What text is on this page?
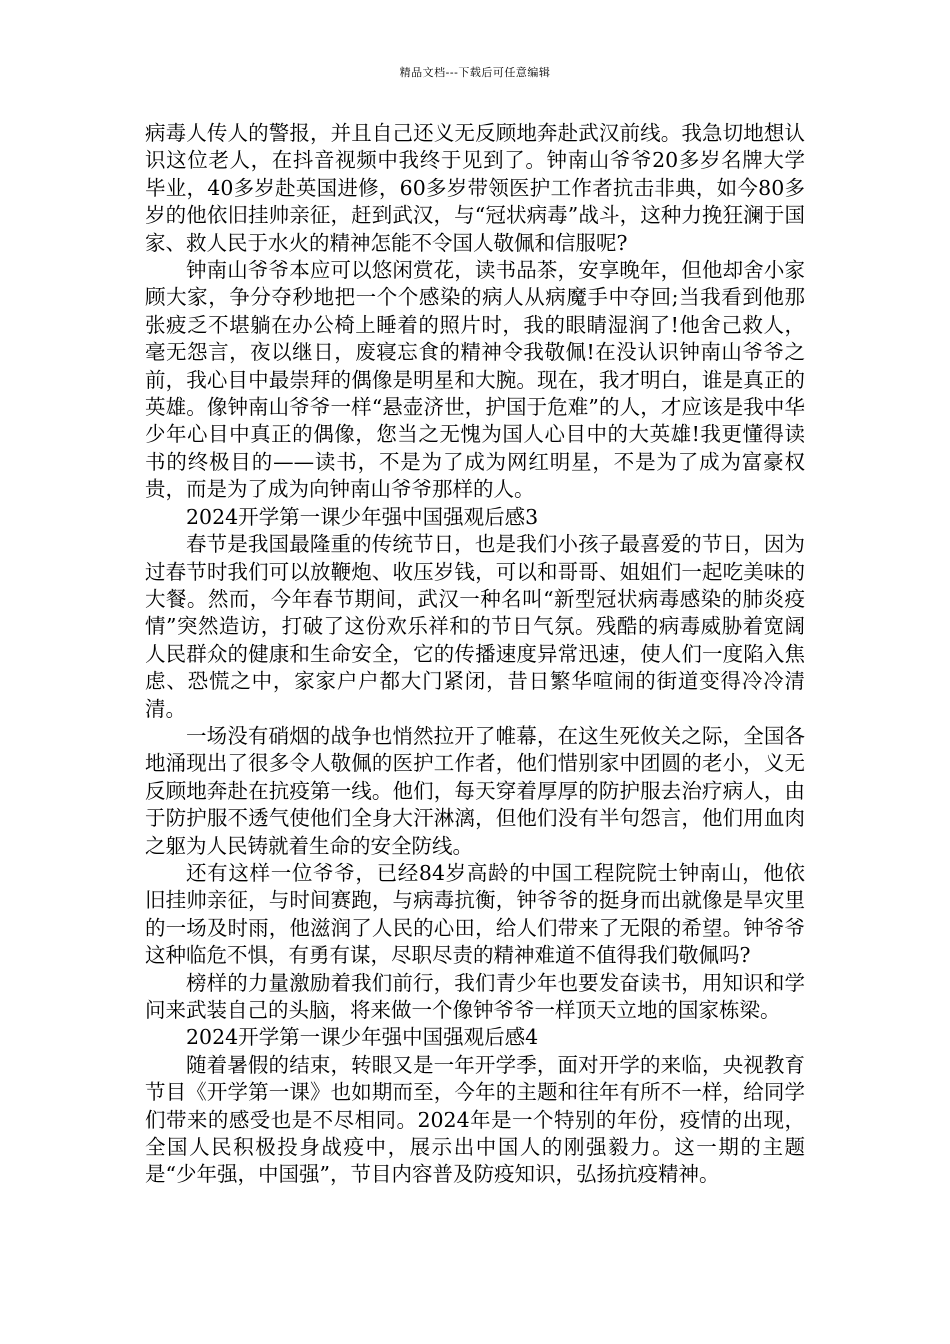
精品文档---下载后可任意编辑

病毒人传人的警报，并且自己还义无反顾地奔赴武汉前线。我急切地想认识这位老人，在抖音视频中我终于见到了。钟南山爷爷20多岁名牌大学毕业，40多岁赴英国进修，60多岁带领医护工作者抗击非典，如今80多岁的他依旧挂帅亲征，赶到武汉，与“冠状病毒”战斗，这种力挽狂澜于国家、救人民于水火的精神怎能不令国人敬佩和信服呢?

钟南山爷爷本应可以悠闲赏花，读书品茶，安享晚年，但他却舍小家顾大家，争分夺秒地把一个个感染的病人从病魔手中夺回;当我看到他那张疲乏不堪躺在办公椅上睡着的照片时，我的眼睛湿润了!他舍己救人，毫无怨言，夜以继日，废寝忘食的精神令我敬佩!在没认识钟南山爷爷之前，我心目中最崇拜的偶像是明星和大腕。现在，我才明白，谁是真正的英雄。像钟南山爷爷一样“悬壶济世，护国于危难”的人，才应该是我中华少年心目中真正的偶像，您当之无愧为国人心目中的大英雄!我更懂得读书的终极目的——读书，不是为了成为网红明星，不是为了成为富豪权贵，而是为了成为向钟南山爷爷那样的人。

2024开学第一课少年强中国强观后感3

春节是我国最隆重的传统节日，也是我们小孩子最喜爱的节日，因为过春节时我们可以放鞭炮、收压岁钱，可以和哥哥、姐姐们一起吃美味的大餐。然而，今年春节期间，武汉一种名叫“新型冠状病毒感染的肺炎疫情”突然造访，打破了这份欢乐祥和的节日气氛。残酷的病毒威胁着宽阔人民群众的健康和生命安全，它的传播速度异常迅速，使人们一度陷入焦虑、恐慌之中，家家户户都大门紧闭，昔日繁华喧闹的街道变得冷冷清清。

一场没有硝烟的战争也悄然拉开了帷幕，在这生死攸关之际，全国各地涌现出了很多令人敬佩的医护工作者，他们惜别家中团圆的老小，义无反顾地奔赴在抗疫第一线。他们，每天穿着厚厚的防护服去治疗病人，由于防护服不透气使他们全身大汗淋漓，但他们没有半句怨言，他们用血肉之躯为人民铸就着生命的安全防线。

还有这样一位爷爷，已经84岁高龄的中国工程院院士钟南山，他依旧挂帅亲征，与时间赛跑，与病毒抗衡，钟爷爷的挺身而出就像是旱灾里的一场及时雨，他滋润了人民的心田，给人们带来了无限的希望。钟爷爷这种临危不惧，有勇有谋，尽职尽责的精神难道不值得我们敬佩吗?

榜样的力量激励着我们前行，我们青少年也要发奋读书，用知识和学问来武装自己的头脑，将来做一个像钟爷爷一样顶天立地的国家栋梁。

2024开学第一课少年强中国强观后感4

随着暑假的结束，转眼又是一年开学季，面对开学的来临，央视教育节目《开学第一课》也如期而至，今年的主题和往年有所不一样，给同学们带来的感受也是不尽相同。2024年是一个特别的年份，疫情的出现，全国人民积极投身战疫中，展示出中国人的刚强毅力。这一期的主题是“少年强，中国强”，节目内容普及防疫知识，弘扬抗疫精神。
